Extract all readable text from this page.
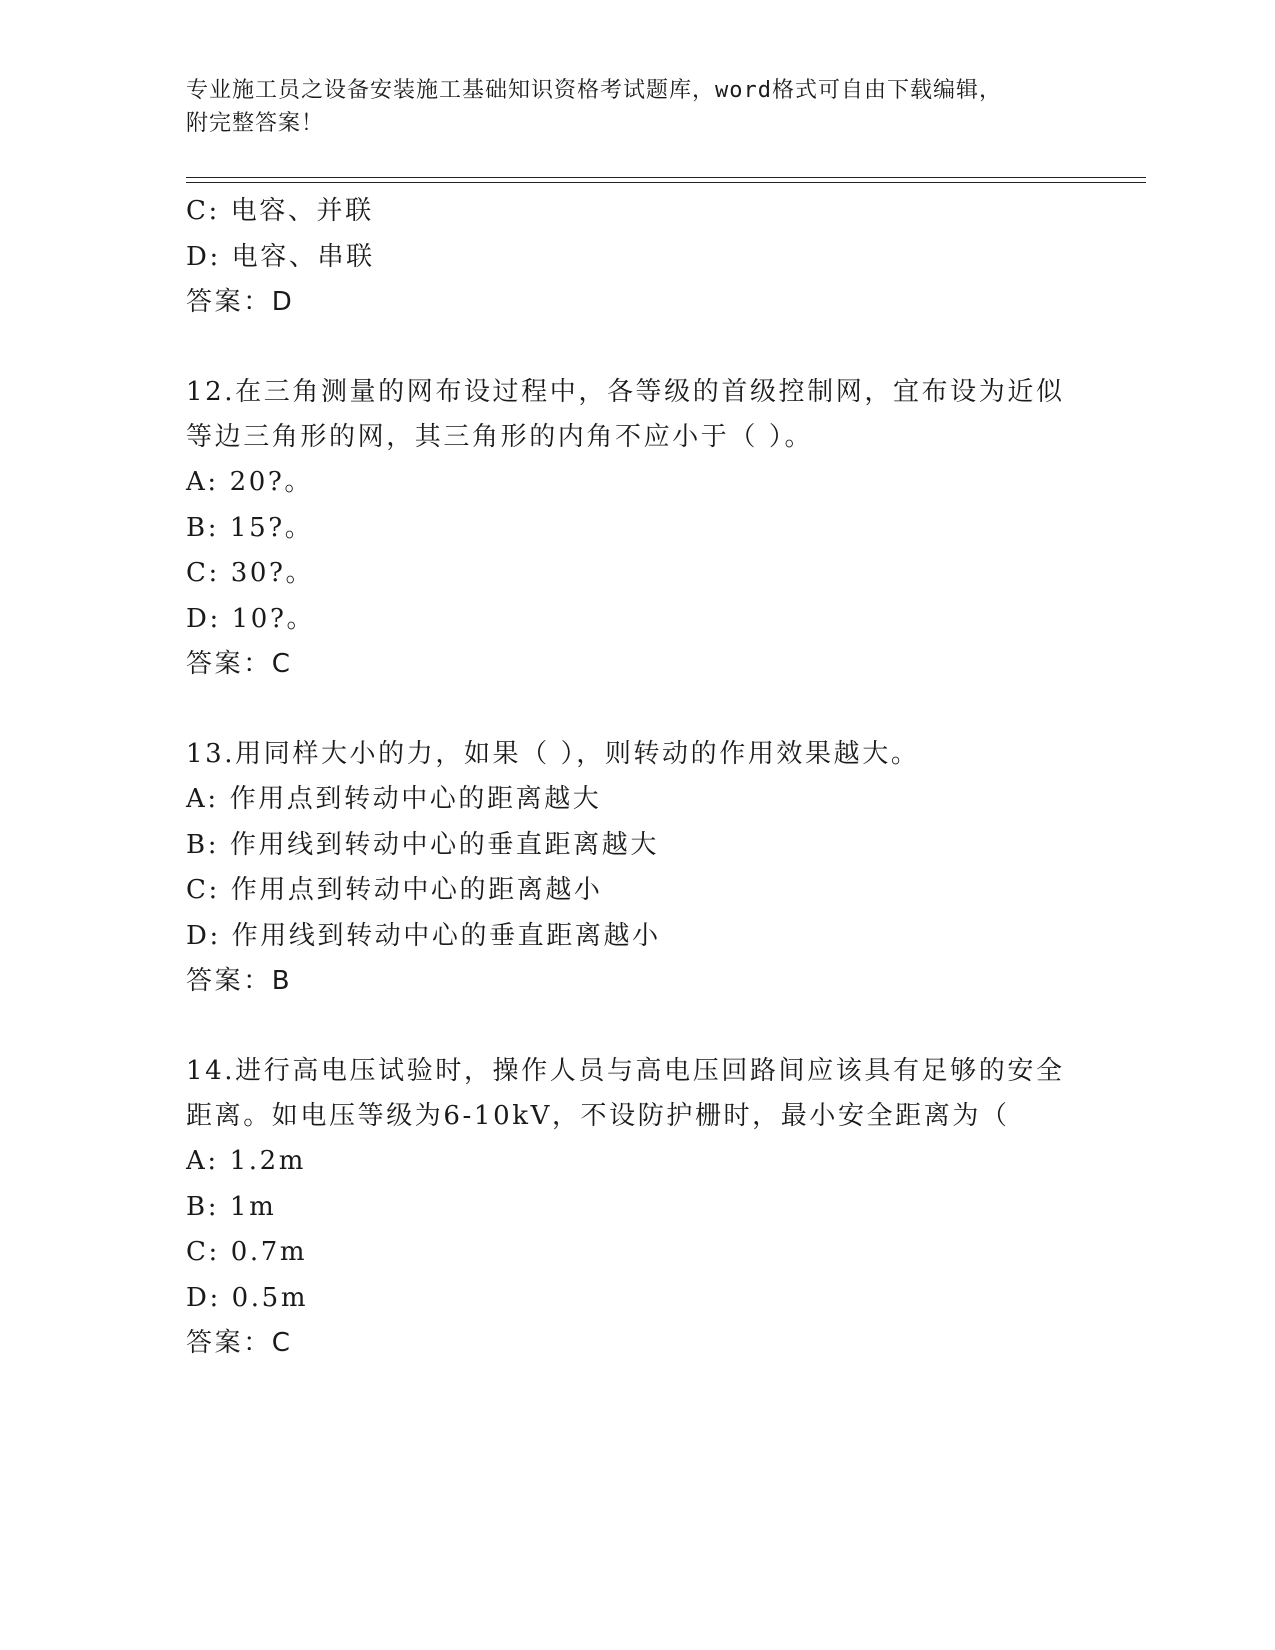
专业施工员之设备安装施工基础知识资格考试题库，word格式可自由下载编辑，
附完整答案！
C: 电容、并联
D: 电容、串联
答案：D
12.在三角测量的网布设过程中，各等级的首级控制网，宜布设为近似
等边三角形的网，其三角形的内角不应小于（ ）。
A: 20?。
B: 15?。
C: 30?。
D: 10?。
答案：C
13.用同样大小的力，如果（ ），则转动的作用效果越大。
A: 作用点到转动中心的距离越大
B: 作用线到转动中心的垂直距离越大
C: 作用点到转动中心的距离越小
D: 作用线到转动中心的垂直距离越小
答案：B
14.进行高电压试验时，操作人员与高电压回路间应该具有足够的安全
距离。如电压等级为6-10kV，不设防护栅时，最小安全距离为（
A: 1.2m
B: 1m
C: 0.7m
D: 0.5m
答案：C
